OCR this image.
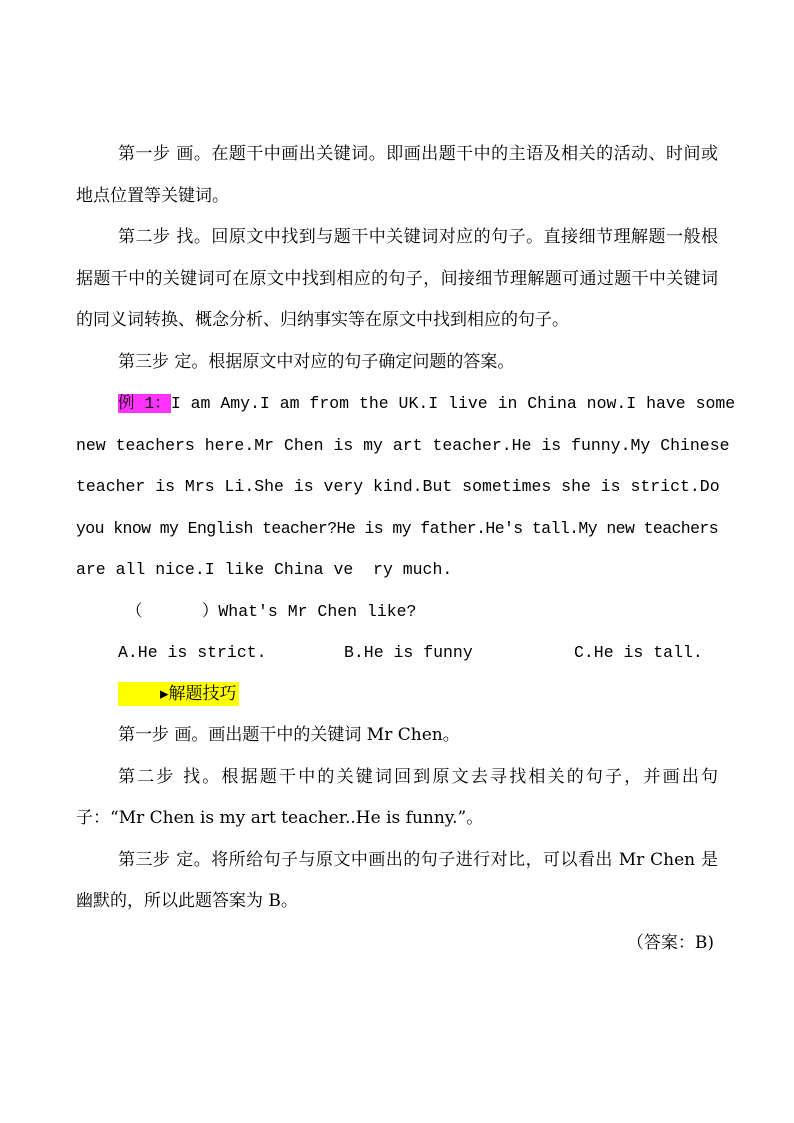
第一步 画。在题干中画出关键词。即画出题干中的主语及相关的活动、时间或地点位置等关键词。

第二步 找。回原文中找到与题干中关键词对应的句子。直接细节理解题一般根据题干中的关键词可在原文中找到相应的句子，间接细节理解题可通过题干中关键词的同义词转换、概念分析、归纳事实等在原文中找到相应的句子。

第三步 定。根据原文中对应的句子确定问题的答案。

例 1：I am Amy.I am from the UK.I live in China now.I have some
new teachers here.Mr Chen is my art teacher.He is funny.My Chinese
teacher is Mrs Li.She is very kind.But sometimes she is strict.Do
you know my English teacher?He is my father.He's tall.My new teachers
are all nice.I like China ve  ry much.
（      ）What's Mr Chen like?
A.He is strict.	B.He is funny	C.He is tall.
▸解题技巧

第一步 画。画出题干中的关键词 Mr Chen。

第二步 找。根据题干中的关键词回到原文去寻找相关的句子，并画出句子：“Mr Chen is my art teacher..He is funny.”。

第三步 定。将所给句子与原文中画出的句子进行对比，可以看出 Mr Chen 是幽默的，所以此题答案为 B。

（答案：B)
